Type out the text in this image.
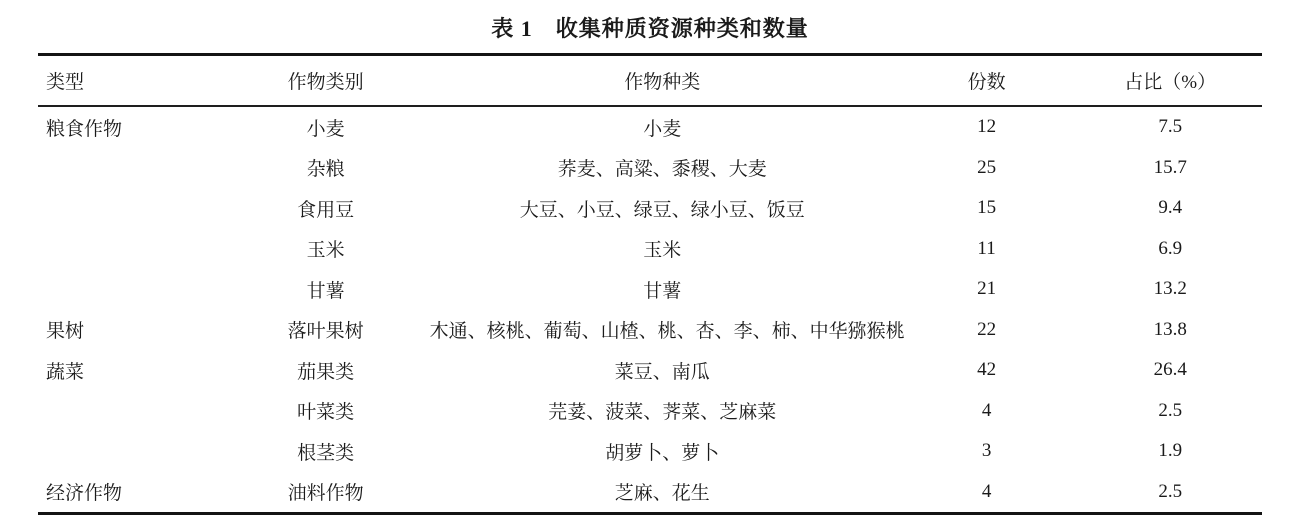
表 1　收集种质资源种类和数量
类型	作物类别	作物种类	份数	占比（%）
粮食作物	小麦	小麦	12	7.5
	杂粮	荞麦、高粱、黍稷、大麦	25	15.7
	食用豆	大豆、小豆、绿豆、绿小豆、饭豆	15	9.4
	玉米	玉米	11	6.9
	甘薯	甘薯	21	13.2
果树	落叶果树	木通、核桃、葡萄、山楂、桃、杏、李、柿、中华猕猴桃	22	13.8
蔬菜	茄果类	菜豆、南瓜	42	26.4
	叶菜类	芫荽、菠菜、荠菜、芝麻菜	4	2.5
	根茎类	胡萝卜、萝卜	3	1.9
经济作物	油料作物	芝麻、花生	4	2.5
